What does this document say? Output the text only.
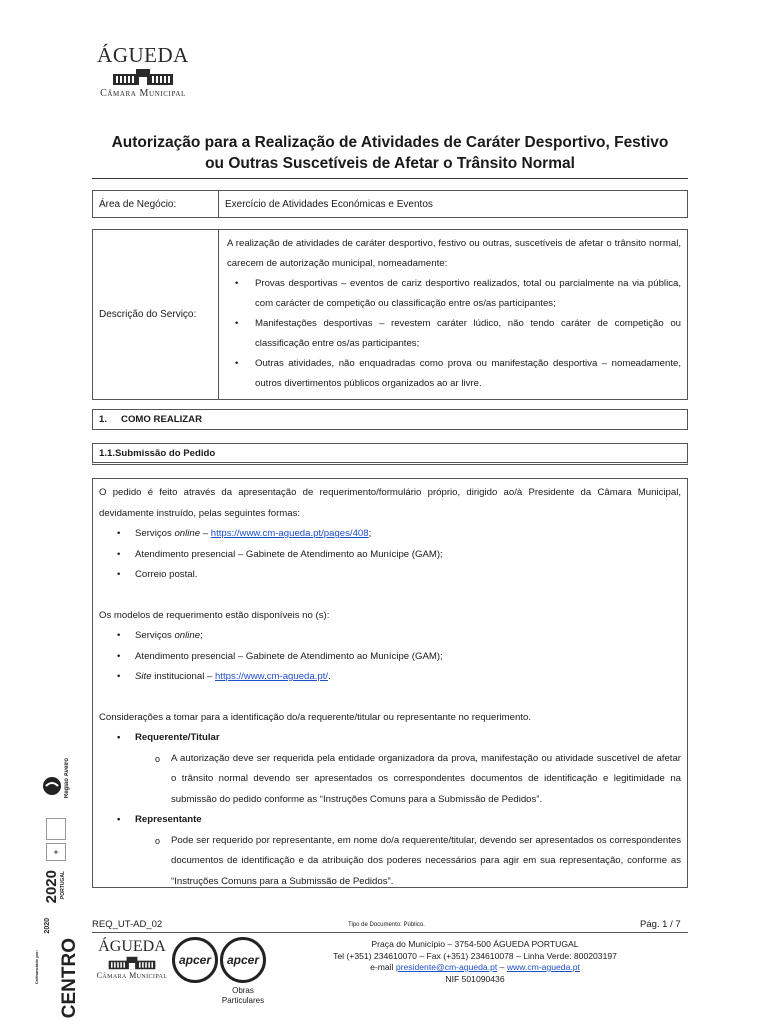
ÁGUEDA
Câmara Municipal
Autorização para a Realização de Atividades de Caráter Desportivo, Festivo
ou Outras Suscetíveis de Afetar o Trânsito Normal
Área de Negócio:	Exercício de Atividades Económicas e Eventos
Descrição do Serviço:

A realização de atividades de caráter desportivo, festivo ou outras, suscetíveis de afetar o trânsito normal, carecem de autorização municipal, nomeadamente:

• Provas desportivas – eventos de cariz desportivo realizados, total ou parcialmente na via pública, com carácter de competição ou classificação entre os/as participantes;
• Manifestações desportivas – revestem caráter lúdico, não tendo caráter de competição ou classificação entre os/as participantes;
• Outras atividades, não enquadradas como prova ou manifestação desportiva – nomeadamente, outros divertimentos públicos organizados ao ar livre.
1. COMO REALIZAR
1.1.Submissão do Pedido

O pedido é feito através da apresentação de requerimento/formulário próprio, dirigido ao/à Presidente da Câmara Municipal, devidamente instruído, pelas seguintes formas:

• Serviços online – https://www.cm-agueda.pt/pages/408;
• Atendimento presencial – Gabinete de Atendimento ao Munícipe (GAM);
• Correio postal.

Os modelos de requerimento estão disponíveis no (s):

• Serviços online;
• Atendimento presencial – Gabinete de Atendimento ao Munícipe (GAM);
• Site institucional – https://www.cm-agueda.pt/.

Considerações a tomar para a identificação do/a requerente/titular ou representante no requerimento.

• Requerente/Titular
o A autorização deve ser requerida pela entidade organizadora da prova, manifestação ou atividade suscetível de afetar o trânsito normal devendo ser apresentados os correspondentes documentos de identificação e legitimidade na submissão do pedido conforme as “Instruções Comuns para a Submissão de Pedidos”.
• Representante
o Pode ser requerido por representante, em nome do/a requerente/titular, devendo ser apresentados os correspondentes documentos de identificação e da atribuição dos poderes necessários para agir em sua representação, conforme as “Instruções Comuns para a Submissão de Pedidos”.
Região Aveiro
✦
2020 PORTUGAL
CENTRO
2020
Cofinanciado por:
REQ_UT-AD_02	Tipo de Documento: Público.	Pág. 1 / 7
ÁGUEDA
Câmara Municipal
apcer apcer
Obras
Particulares
Praça do Município – 3754-500 ÁGUEDA PORTUGAL
Tel (+351) 234610070 – Fax (+351) 234610078 – Linha Verde: 800203197
e-mail presidente@cm-agueda.pt – www.cm-agueda.pt
NIF 501090436
